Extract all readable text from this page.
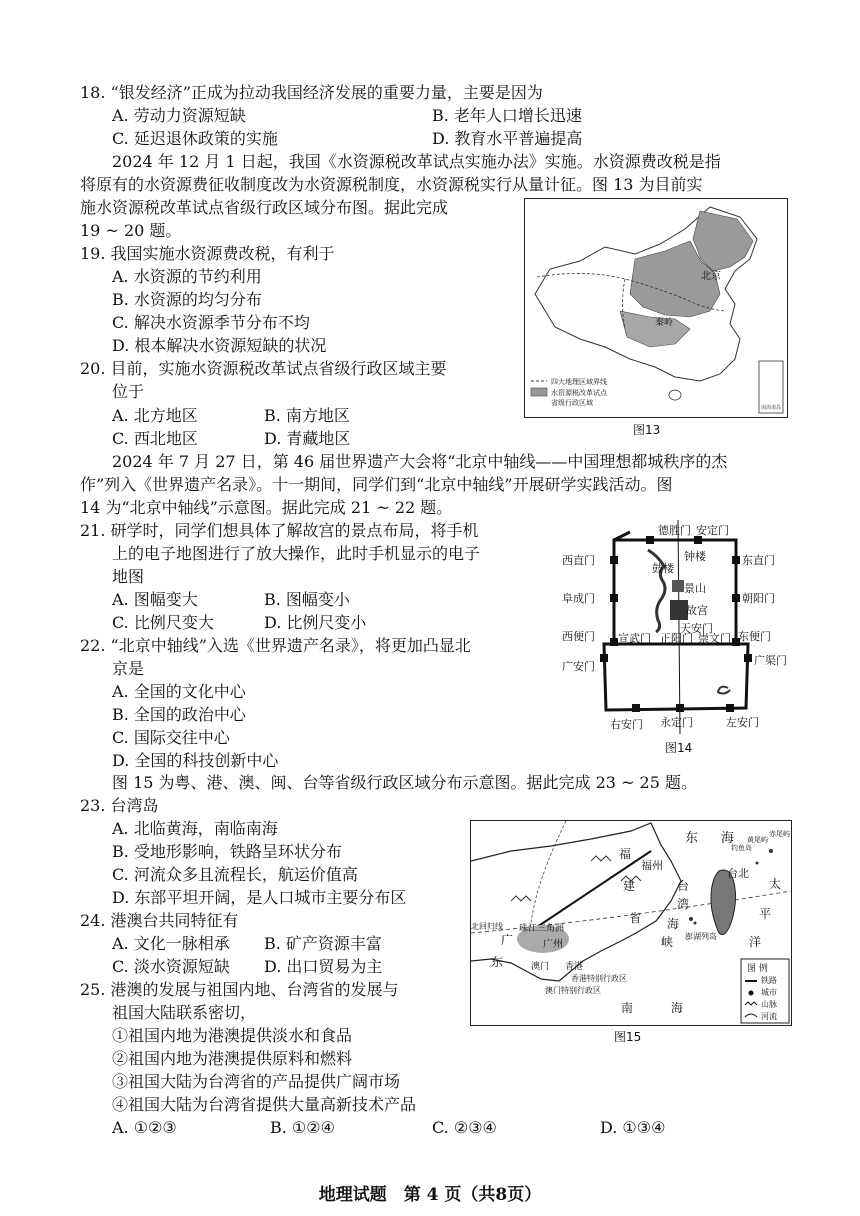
18. “银发经济”正成为拉动我国经济发展的重要力量，主要是因为
A. 劳动力资源短缺	B. 老年人口增长迅速
C. 延迟退休政策的实施	D. 教育水平普遍提高
2024 年 12 月 1 日起，我国《水资源税改革试点实施办法》实施。水资源费改税是指
将原有的水资源费征收制度改为水资源税制度，水资源税实行从量计征。图 13 为目前实
施水资源税改革试点省级行政区域分布图。据此完成
19 ~ 20 题。
19. 我国实施水资源费改税，有利于
A. 水资源的节约利用
B. 水资源的均匀分布
C. 解决水资源季节分布不均
D. 根本解决水资源短缺的状况
20. 目前，实施水资源税改革试点省级行政区域主要
位于
A. 北方地区	B. 南方地区
C. 西北地区	D. 青藏地区
南海诸岛
北京
秦岭
四大地理区域界线
水资源税改革试点
省级行政区域
图13
2024 年 7 月 27 日，第 46 届世界遗产大会将“北京中轴线——中国理想都城秩序的杰
作”列入《世界遗产名录》。十一期间，同学们到“北京中轴线”开展研学实践活动。图
14 为“北京中轴线”示意图。据此完成 21 ~ 22 题。
21. 研学时，同学们想具体了解故宫的景点布局，将手机
上的电子地图进行了放大操作，此时手机显示的电子
地图
A. 图幅变大	B. 图幅变小
C. 比例尺变大	D. 比例尺变小
22. “北京中轴线”入选《世界遗产名录》，将更加凸显北
京是
A. 全国的文化中心
B. 全国的政治中心
C. 国际交往中心
D. 全国的科技创新中心
德胜门 安定门
西直门	东直门
钟楼
鼓楼
景山
故宫
阜成门	朝阳门
天安门
西便门 宣武门 正阳门 崇文门 东便门
广安门	广渠门
右安门 永定门	左安门
图14
图 15 为粤、港、澳、闽、台等省级行政区域分布示意图。据此完成 23 ~ 25 题。
23. 台湾岛
A. 北临黄海，南临南海
B. 受地形影响，铁路呈环状分布
C. 河流众多且流程长，航运价值高
D. 东部平坦开阔，是人口城市主要分布区
24. 港澳台共同特征有
A. 文化一脉相承 B. 矿产资源丰富
C. 淡水资源短缺 D. 出口贸易为主
25. 港澳的发展与祖国内地、台湾省的发展与
祖国大陆联系密切，
①祖国内地为港澳提供淡水和食品
②祖国内地为港澳提供原料和燃料
③祖国大陆为台湾省的产品提供广阔市场
④祖国大陆为台湾省提供大量高新技术产品
A. ①②③	B. ①②④	C. ②③④	D. ①③④
东 海
福
建
省
福州
台
湾
海
峡
台北
钓鱼岛
赤尾屿
黄尾屿
太
平
洋
澎湖列岛
北回归线 珠江三角洲
广州
广
东	澳门 香港
香港特别行政区
澳门特别行政区
南	海
图 例
铁路
城市
山脉
河流
图15
地理试题　第 4 页（共8页）
